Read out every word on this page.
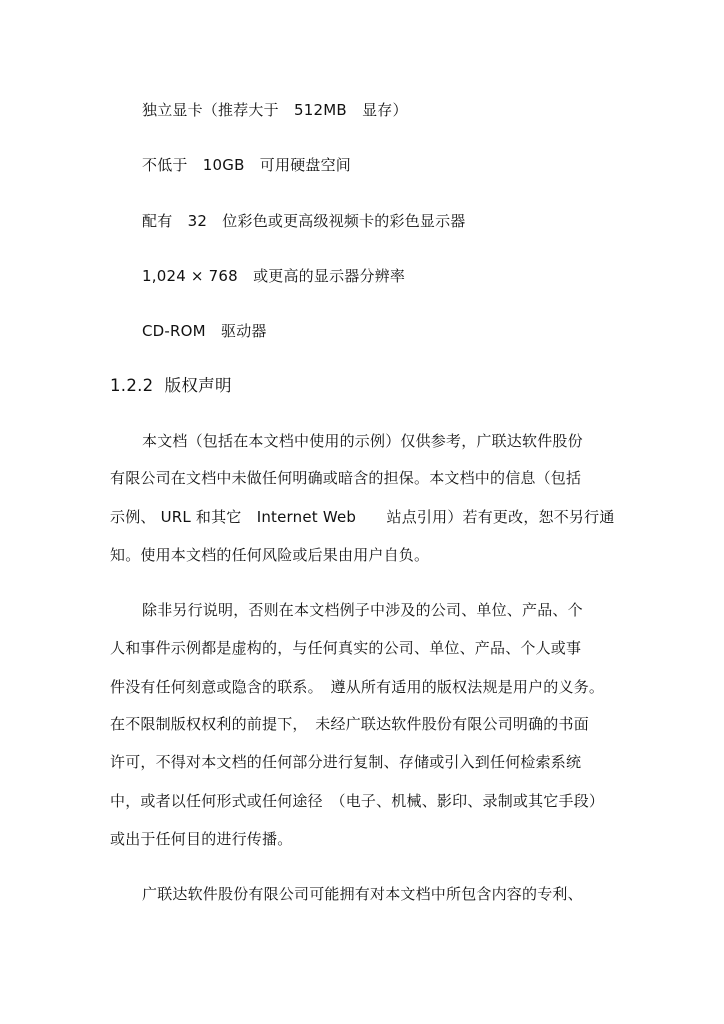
独立显卡（推荐大于　512MB　显存）
不低于　10GB　可用硬盘空间
配有　32　位彩色或更高级视频卡的彩色显示器
1,024 × 768　或更高的显示器分辨率
CD-ROM　驱动器
1.2.2 版权声明
本文档（包括在本文档中使用的示例）仅供参考，广联达软件股份
有限公司在文档中未做任何明确或暗含的担保。本文档中的信息（包括
示例、 URL 和其它　Internet Web　　站点引用）若有更改，恕不另行通
知。使用本文档的任何风险或后果由用户自负。
除非另行说明，否则在本文档例子中涉及的公司、单位、产品、个
人和事件示例都是虚构的，与任何真实的公司、单位、产品、个人或事
件没有任何刻意或隐含的联系。　遵从所有适用的版权法规是用户的义务。
在不限制版权权利的前提下，　未经广联达软件股份有限公司明确的书面
许可，不得对本文档的任何部分进行复制、存储或引入到任何检索系统
中，或者以任何形式或任何途径　（电子、机械、影印、录制或其它手段）
或出于任何目的进行传播。
广联达软件股份有限公司可能拥有对本文档中所包含内容的专利、
